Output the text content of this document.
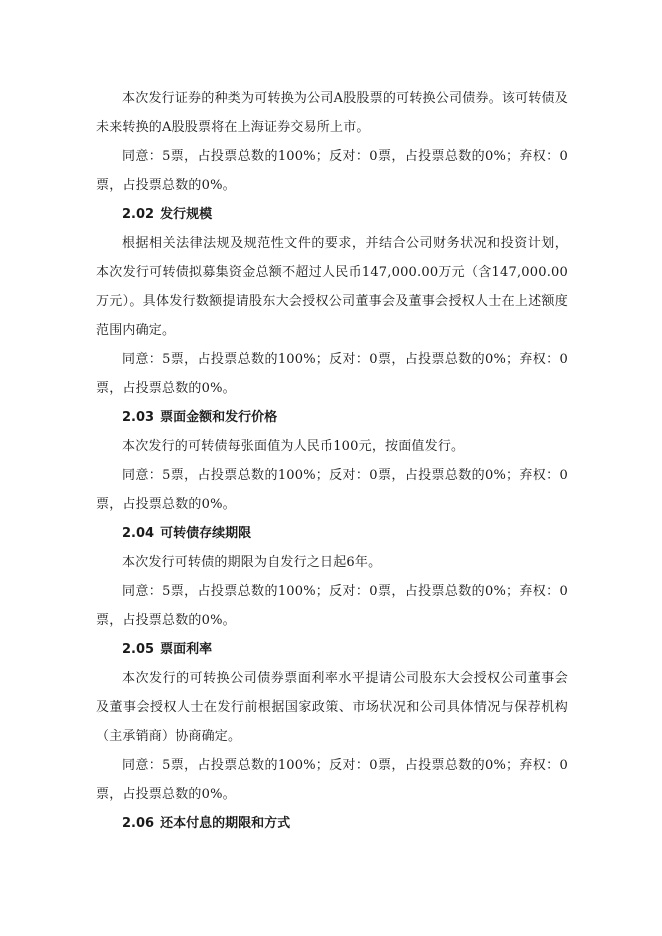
本次发行证券的种类为可转换为公司A股股票的可转换公司债券。该可转债及未来转换的A股股票将在上海证券交易所上市。

同意：5票，占投票总数的100%；反对：0票，占投票总数的0%；弃权：0票，占投票总数的0%。

2.02 发行规模

根据相关法律法规及规范性文件的要求，并结合公司财务状况和投资计划，本次发行可转债拟募集资金总额不超过人民币147,000.00万元（含147,000.00万元）。具体发行数额提请股东大会授权公司董事会及董事会授权人士在上述额度范围内确定。

同意：5票，占投票总数的100%；反对：0票，占投票总数的0%；弃权：0票，占投票总数的0%。

2.03 票面金额和发行价格

本次发行的可转债每张面值为人民币100元，按面值发行。

同意：5票，占投票总数的100%；反对：0票，占投票总数的0%；弃权：0票，占投票总数的0%。

2.04 可转债存续期限

本次发行可转债的期限为自发行之日起6年。

同意：5票，占投票总数的100%；反对：0票，占投票总数的0%；弃权：0票，占投票总数的0%。

2.05 票面利率

本次发行的可转换公司债券票面利率水平提请公司股东大会授权公司董事会及董事会授权人士在发行前根据国家政策、市场状况和公司具体情况与保荐机构（主承销商）协商确定。

同意：5票，占投票总数的100%；反对：0票，占投票总数的0%；弃权：0票，占投票总数的0%。

2.06 还本付息的期限和方式
